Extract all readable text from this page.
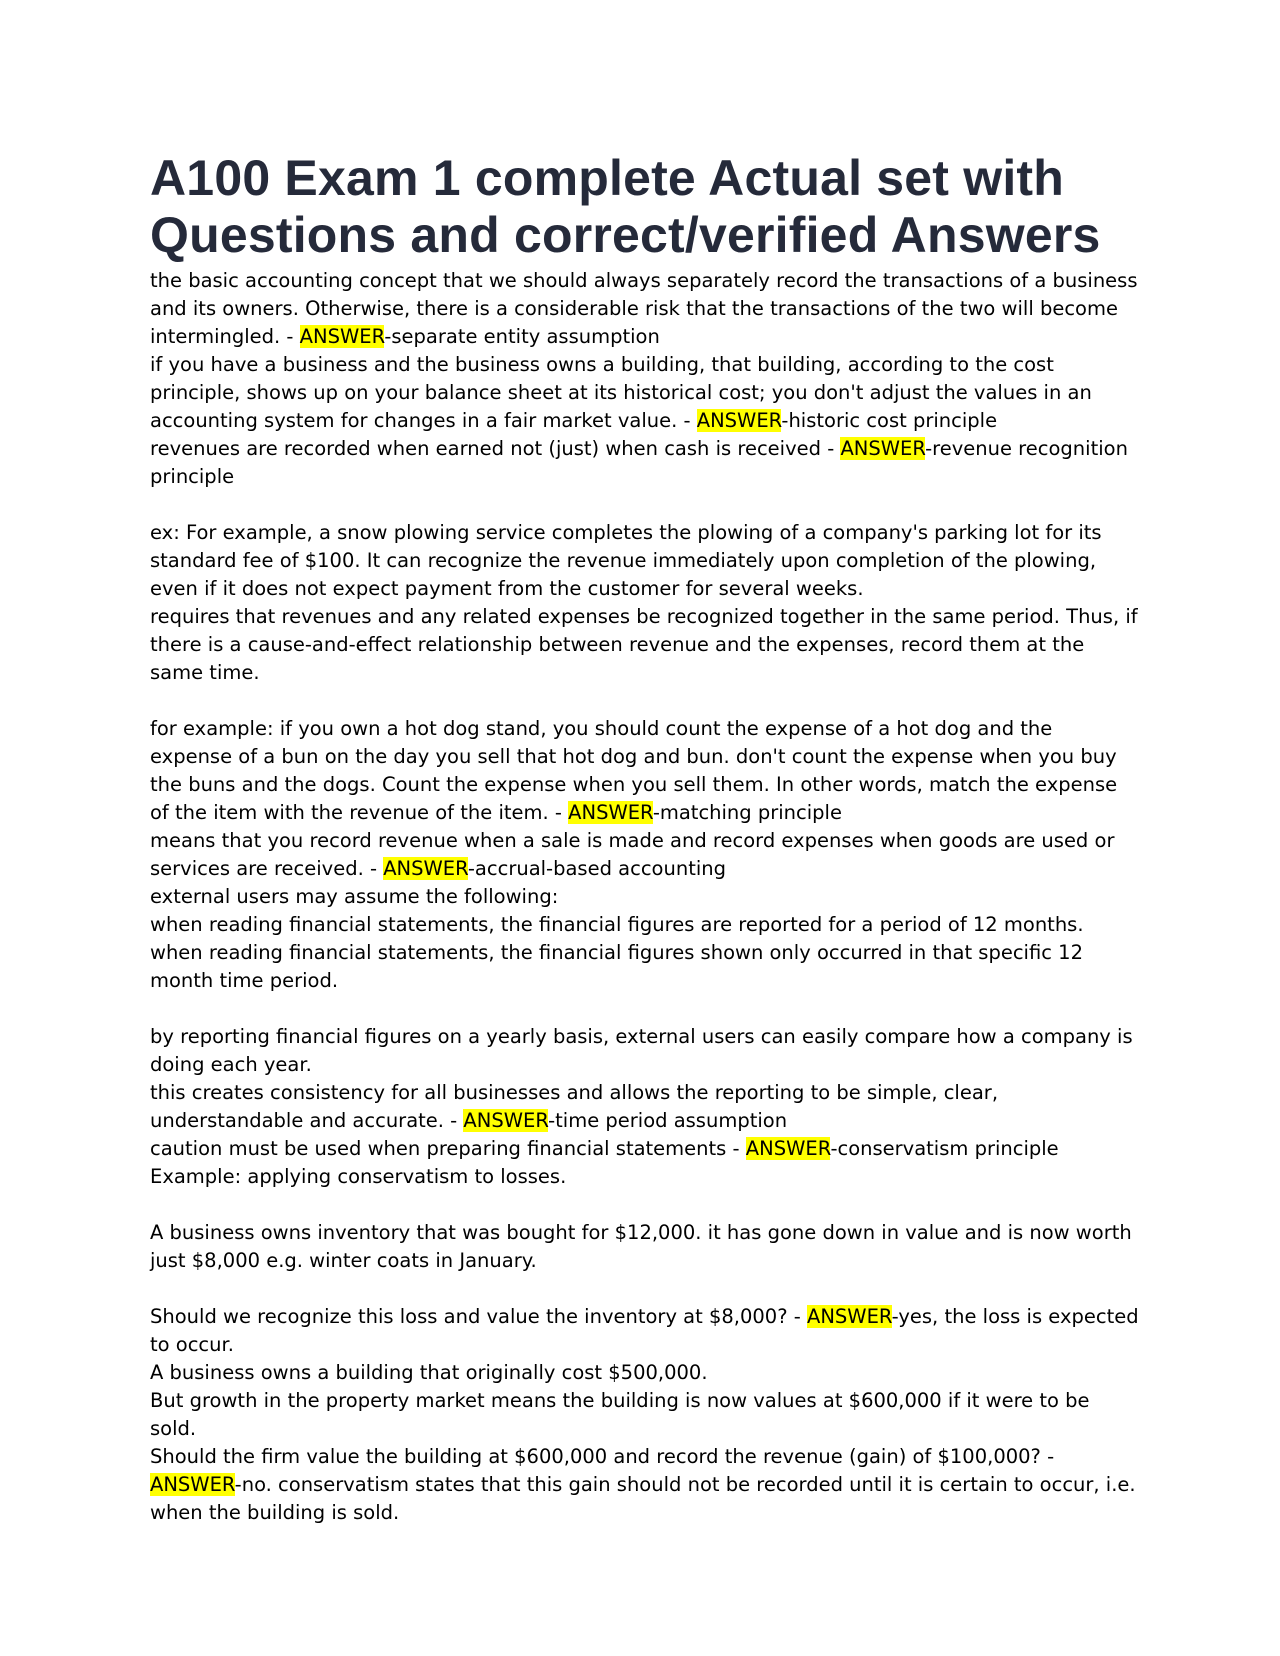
A100 Exam 1 complete Actual set with Questions and correct/verified Answers

the basic accounting concept that we should always separately record the transactions of a business and its owners. Otherwise, there is a considerable risk that the transactions of the two will become intermingled. - ANSWER-separate entity assumption

if you have a business and the business owns a building, that building, according to the cost principle, shows up on your balance sheet at its historical cost; you don't adjust the values in an accounting system for changes in a fair market value. - ANSWER-historic cost principle

revenues are recorded when earned not (just) when cash is received - ANSWER-revenue recognition principle

ex: For example, a snow plowing service completes the plowing of a company's parking lot for its standard fee of $100. It can recognize the revenue immediately upon completion of the plowing, even if it does not expect payment from the customer for several weeks.

requires that revenues and any related expenses be recognized together in the same period. Thus, if there is a cause-and-effect relationship between revenue and the expenses, record them at the same time.

for example: if you own a hot dog stand, you should count the expense of a hot dog and the expense of a bun on the day you sell that hot dog and bun. don't count the expense when you buy the buns and the dogs. Count the expense when you sell them. In other words, match the expense of the item with the revenue of the item. - ANSWER-matching principle

means that you record revenue when a sale is made and record expenses when goods are used or services are received. - ANSWER-accrual-based accounting

external users may assume the following:

when reading financial statements, the financial figures are reported for a period of 12 months.

when reading financial statements, the financial figures shown only occurred in that specific 12 month time period.

by reporting financial figures on a yearly basis, external users can easily compare how a company is doing each year.

this creates consistency for all businesses and allows the reporting to be simple, clear, understandable and accurate. - ANSWER-time period assumption

caution must be used when preparing financial statements - ANSWER-conservatism principle

Example: applying conservatism to losses.

A business owns inventory that was bought for $12,000. it has gone down in value and is now worth just $8,000 e.g. winter coats in January.

Should we recognize this loss and value the inventory at $8,000? - ANSWER-yes, the loss is expected to occur.

A business owns a building that originally cost $500,000.

But growth in the property market means the building is now values at $600,000 if it were to be sold.

Should the firm value the building at $600,000 and record the revenue (gain) of $100,000? - ANSWER-no. conservatism states that this gain should not be recorded until it is certain to occur, i.e. when the building is sold.
